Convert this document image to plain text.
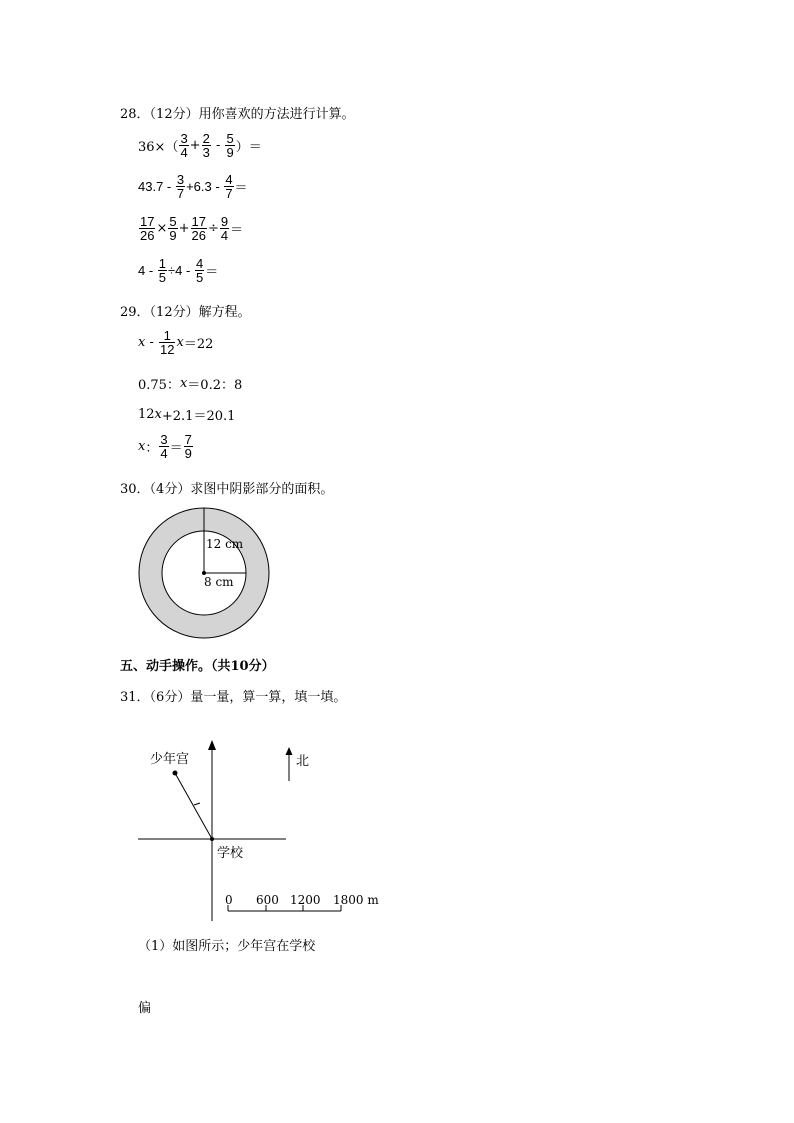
28．（12分）用你喜欢的方法进行计算。
$36\times( \frac{3}{4} + \frac{2}{3} - \frac{5}{9}$ ）＝
$43.7 - \frac{3}{7} +6.3 - \frac{4}{7}$ ＝
$\frac{17}{26} \times \frac{5}{9} + \frac{17}{26} \div \frac{9}{4}$ ＝
$4 - \frac{1}{5} \div 4 - \frac{4}{5}$ ＝
29．（12分）解方程。
x - $\frac{1}{12}$ x ＝22
0.75： x ＝0.2：8
12 x +2.1＝20.1
x ： $\frac{3}{4} = \frac{7}{9}$
30．（4分）求图中阴影部分的面积。
12 cm
8 cm
五、动手操作。（共10分）
31．（6分）量一量，算一算，填一填。
少年宫
学校
北
0 600 1200 1800 m
（1）如图所示；少年宫在学校
偏
